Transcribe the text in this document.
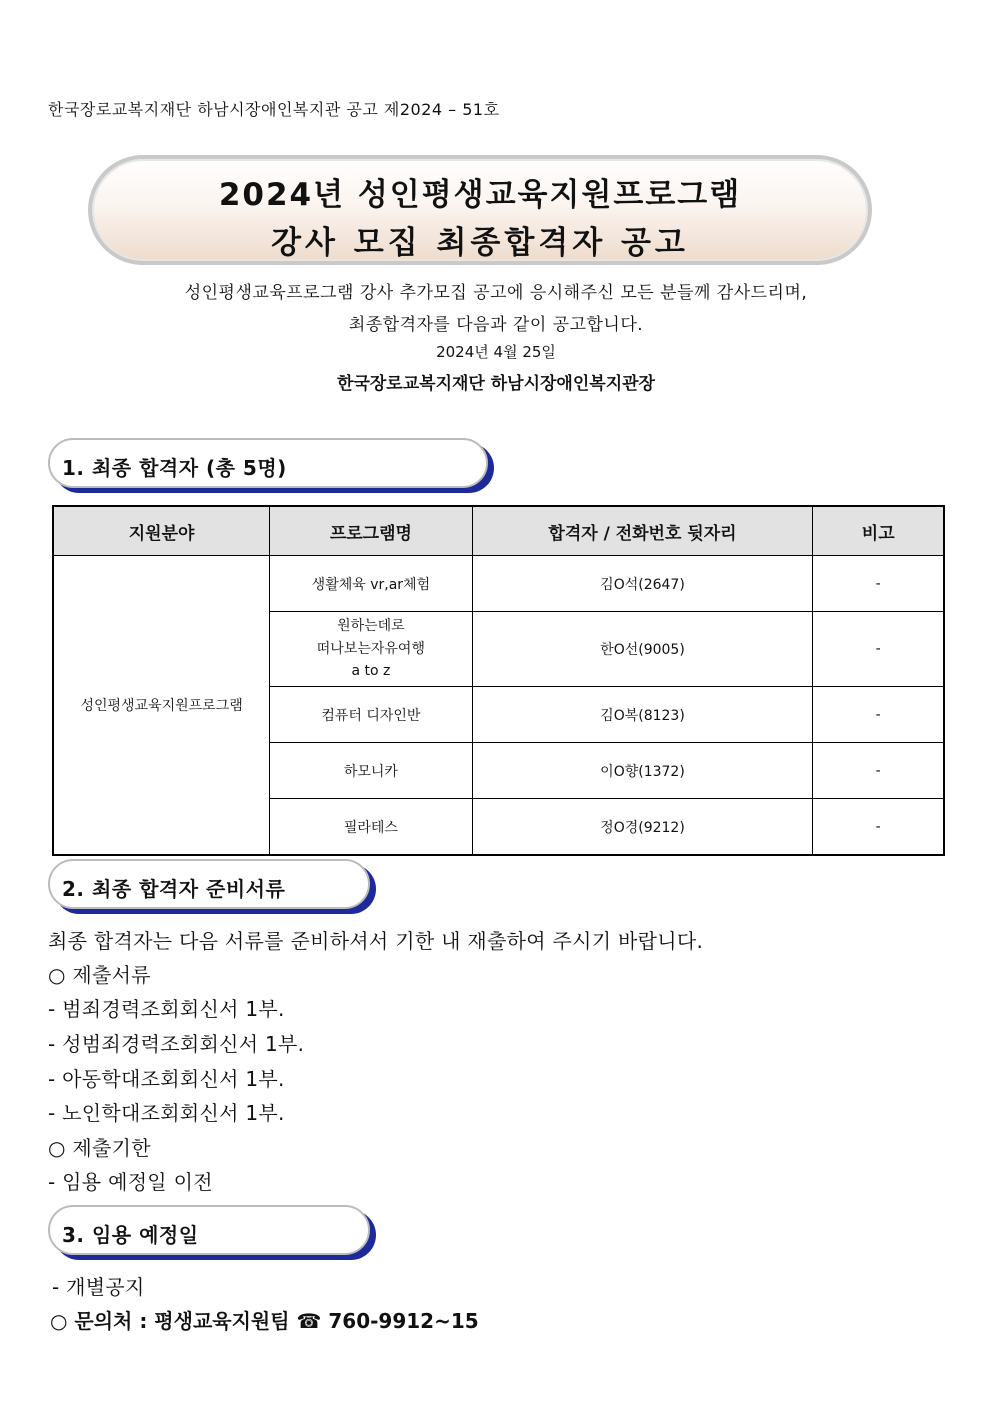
한국장로교복지재단 하남시장애인복지관 공고 제2024 – 51호
2024년 성인평생교육지원프로그램
강사 모집 최종합격자 공고
성인평생교육프로그램 강사 추가모집 공고에 응시해주신 모든 분들께 감사드리며,
최종합격자를 다음과 같이 공고합니다.
2024년 4월 25일
한국장로교복지재단 하남시장애인복지관장
1. 최종 합격자 (총 5명)
지원분야	프로그램명	합격자 / 전화번호 뒷자리	비고
성인평생교육지원프로그램	생활체육 vr,ar체험	김O석(2647)	-

	원하는데로
떠나보는자유여행
a to z	한O선(9005)	-
	컴퓨터 디자인반	김O복(8123)	-
	하모니카	이O향(1372)	-
	필라테스	정O경(9212)	-
2. 최종 합격자 준비서류
최종 합격자는 다음 서류를 준비하셔서 기한 내 재출하여 주시기 바랍니다.
○ 제출서류
- 범죄경력조회회신서 1부.
- 성범죄경력조회회신서 1부.
- 아동학대조회회신서 1부.
- 노인학대조회회신서 1부.
○ 제출기한
- 임용 예정일 이전
3. 임용 예정일
- 개별공지
○ 문의처 : 평생교육지원팀 ☎ 760-9912~15
